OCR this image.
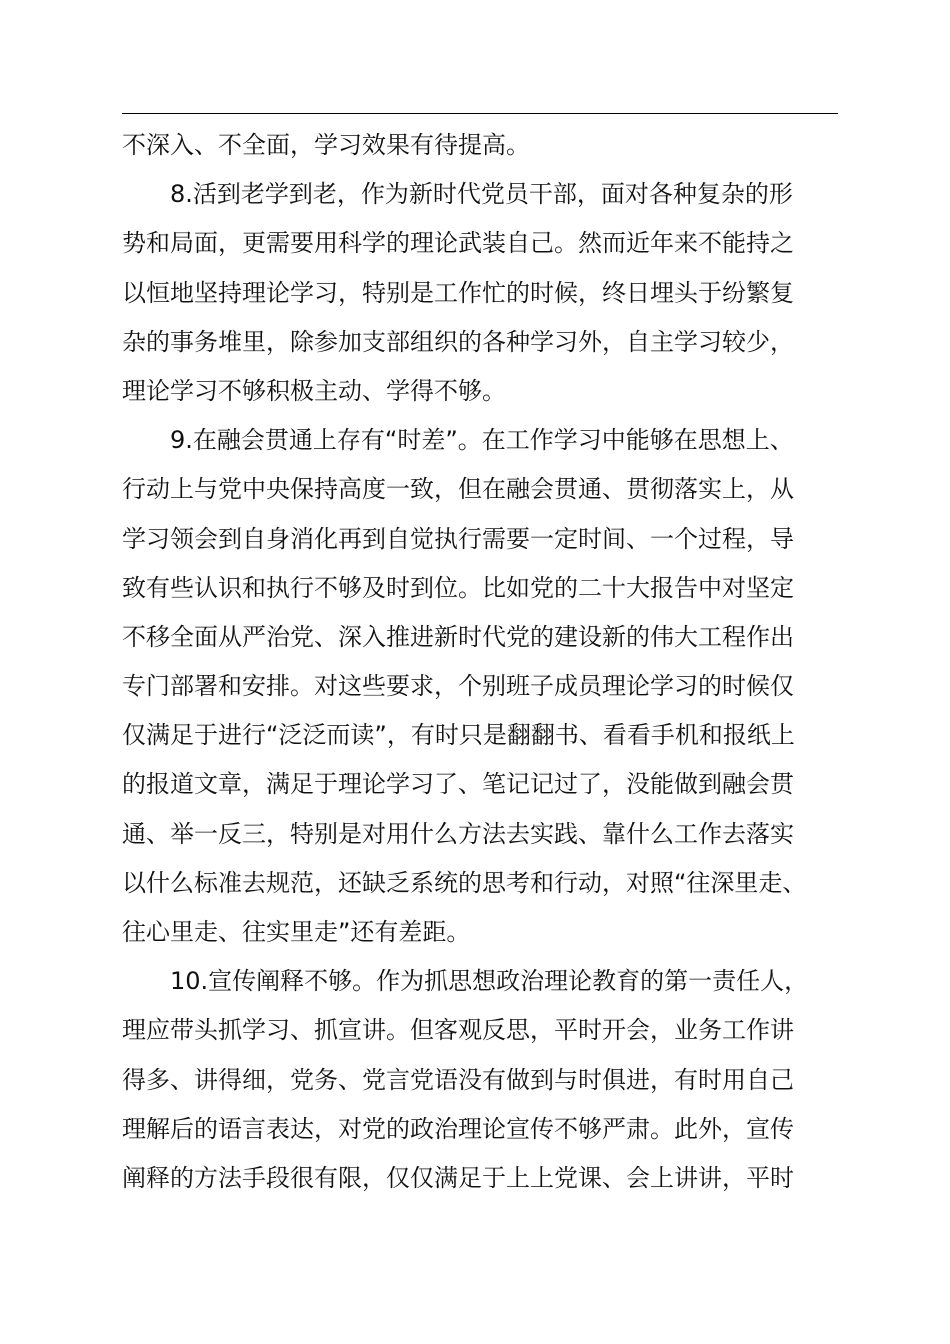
不深入、不全面，学习效果有待提高。
8.活到老学到老，作为新时代党员干部，面对各种复杂的形
势和局面，更需要用科学的理论武装自己。然而近年来不能持之
以恒地坚持理论学习，特别是工作忙的时候，终日埋头于纷繁复
杂的事务堆里，除参加支部组织的各种学习外，自主学习较少，
理论学习不够积极主动、学得不够。
9.在融会贯通上存有“时差”。在工作学习中能够在思想上、
行动上与党中央保持高度一致，但在融会贯通、贯彻落实上，从
学习领会到自身消化再到自觉执行需要一定时间、一个过程，导
致有些认识和执行不够及时到位。比如党的二十大报告中对坚定
不移全面从严治党、深入推进新时代党的建设新的伟大工程作出
专门部署和安排。对这些要求，个别班子成员理论学习的时候仅
仅满足于进行“泛泛而读”，有时只是翻翻书、看看手机和报纸上
的报道文章，满足于理论学习了、笔记记过了，没能做到融会贯
通、举一反三，特别是对用什么方法去实践、靠什么工作去落实
以什么标准去规范，还缺乏系统的思考和行动，对照“往深里走、
往心里走、往实里走”还有差距。
10.宣传阐释不够。作为抓思想政治理论教育的第一责任人，
理应带头抓学习、抓宣讲。但客观反思，平时开会，业务工作讲
得多、讲得细，党务、党言党语没有做到与时俱进，有时用自己
理解后的语言表达，对党的政治理论宣传不够严肃。此外，宣传
阐释的方法手段很有限，仅仅满足于上上党课、会上讲讲，平时
